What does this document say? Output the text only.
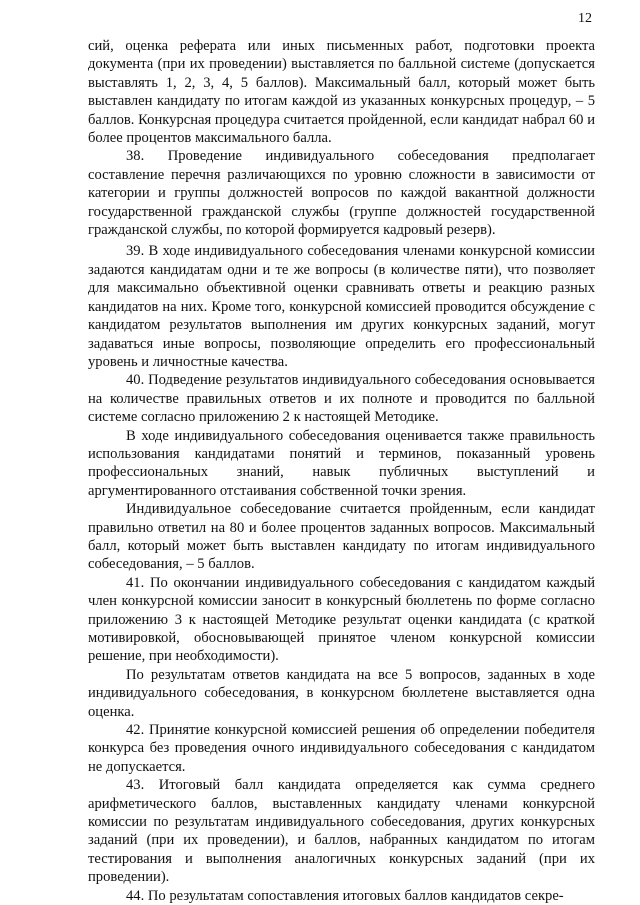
12

сий, оценка реферата или иных письменных работ, подготовки проекта документа (при их проведении) выставляется по балльной системе (допускается выставлять 1, 2, 3, 4, 5 баллов). Максимальный балл, который может быть выставлен кандидату по итогам каждой из указанных конкурсных процедур, – 5 баллов. Конкурсная процедура считается пройденной, если кандидат набрал 60 и более процентов максимального балла.

38. Проведение индивидуального собеседования предполагает составление перечня различающихся по уровню сложности в зависимости от категории и группы должностей вопросов по каждой вакантной должности государственной гражданской службы (группе должностей государственной гражданской службы, по которой формируется кадровый резерв).

39. В ходе индивидуального собеседования членами конкурсной комиссии задаются кандидатам одни и те же вопросы (в количестве пяти), что позволяет для максимально объективной оценки сравнивать ответы и реакцию разных кандидатов на них. Кроме того, конкурсной комиссией проводится обсуждение с кандидатом результатов выполнения им других конкурсных заданий, могут задаваться иные вопросы, позволяющие определить его профессиональный уровень и личностные качества.

40. Подведение результатов индивидуального собеседования основывается на количестве правильных ответов и их полноте и проводится по балльной системе согласно приложению 2 к настоящей Методике.

В ходе индивидуального собеседования оценивается также правильность использования кандидатами понятий и терминов, показанный уровень профессиональных знаний, навык публичных выступлений и аргументированного отстаивания собственной точки зрения.

Индивидуальное собеседование считается пройденным, если кандидат правильно ответил на 80 и более процентов заданных вопросов. Максимальный балл, который может быть выставлен кандидату по итогам индивидуального собеседования, – 5 баллов.

41. По окончании индивидуального собеседования с кандидатом каждый член конкурсной комиссии заносит в конкурсный бюллетень по форме согласно приложению 3 к настоящей Методике результат оценки кандидата (с краткой мотивировкой, обосновывающей принятое членом конкурсной комиссии решение, при необходимости).

По результатам ответов кандидата на все 5 вопросов, заданных в ходе индивидуального собеседования, в конкурсном бюллетене выставляется одна оценка.

42. Принятие конкурсной комиссией решения об определении победителя конкурса без проведения очного индивидуального собеседования с кандидатом не допускается.

43. Итоговый балл кандидата определяется как сумма среднего арифметического баллов, выставленных кандидату членами конкурсной комиссии по результатам индивидуального собеседования, других конкурсных заданий (при их проведении), и баллов, набранных кандидатом по итогам тестирования и выполнения аналогичных конкурсных заданий (при их проведении).

44. По результатам сопоставления итоговых баллов кандидатов секре-
